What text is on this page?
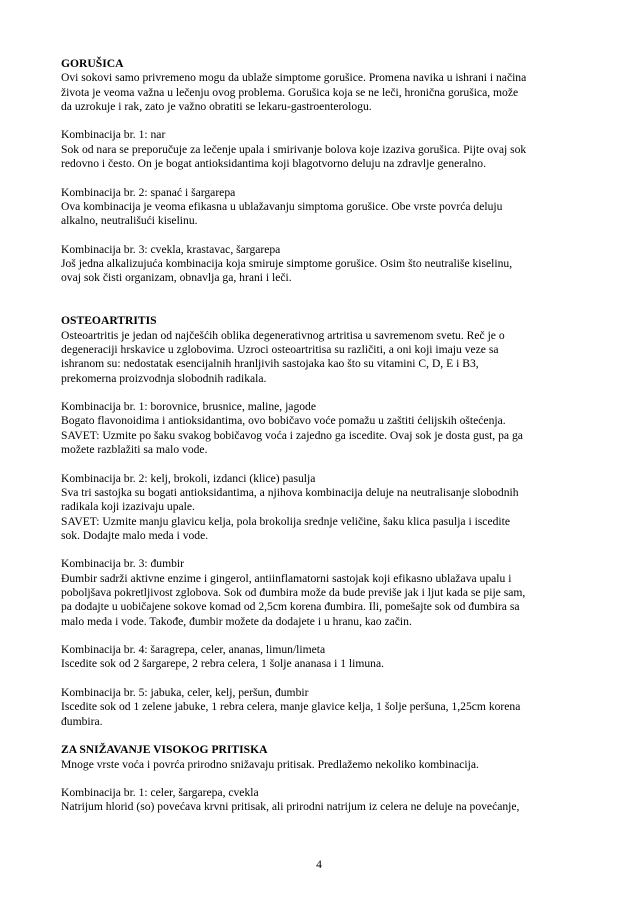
GORUŠICA
Ovi sokovi samo privremeno mogu da ublaže simptome gorušice. Promena navika u ishrani i načina
života je veoma važna u lečenju ovog problema. Gorušica koja se ne leči, hronična gorušica, može
da uzrokuje i rak, zato je važno obratiti se lekaru-gastroenterologu.
Kombinacija br. 1: nar
Sok od nara se preporučuje za lečenje upala i smirivanje bolova koje izaziva gorušica. Pijte ovaj sok
redovno i često. On je bogat antioksidantima koji blagotvorno deluju na zdravlje generalno.
Kombinacija br. 2: spanać i šargarepa
Ova kombinacija je veoma efikasna u ublažavanju simptoma gorušice. Obe vrste povrća deluju
alkalno, neutrališući kiselinu.
Kombinacija br. 3: cvekla, krastavac, šargarepa
Još jedna alkalizujuća kombinacija koja smiruje simptome gorušice. Osim što neutrališe kiselinu,
ovaj sok čisti organizam, obnavlja ga, hrani i leči.
OSTEOARTRITIS
Osteoartritis je jedan od najčešćih oblika degenerativnog artritisa u savremenom svetu. Reč je o
degeneraciji hrskavice u zglobovima. Uzroci osteoartritisa su različiti, a oni koji imaju veze sa
ishranom su: nedostatak esencijalnih hranljivih sastojaka kao što su vitamini C, D, E i B3,
prekomerna proizvodnja slobodnih radikala.
Kombinacija br. 1: borovnice, brusnice, maline, jagode
Bogato flavonoidima i antioksidantima, ovo bobičavo voće pomažu u zaštiti ćelijskih oštećenja.
SAVET: Uzmite po šaku svakog bobičavog voća i zajedno ga iscedite. Ovaj sok je dosta gust, pa ga
možete razblažiti sa malo vode.
Kombinacija br. 2: kelj, brokoli, izdanci (klice) pasulja
Sva tri sastojka su bogati antioksidantima, a njihova kombinacija deluje na neutralisanje slobodnih
radikala koji izazivaju upale.
SAVET: Uzmite manju glavicu kelja, pola brokolija srednje veličine, šaku klica pasulja i iscedite
sok. Dodajte malo meda i vode.
Kombinacija br. 3: đumbir
Đumbir sadrži aktivne enzime i gingerol, antiinflamatorni sastojak koji efikasno ublažava upalu i
poboljšava pokretljivost zglobova. Sok od đumbira može da bude previše jak i ljut kada se pije sam,
pa dodajte u uobičajene sokove komad od 2,5cm korena đumbira. Ili, pomešajte sok od đumbira sa
malo meda i vode. Takođe, đumbir možete da dodajete i u hranu, kao začin.
Kombinacija br. 4: šaragrepa, celer, ananas, limun/limeta
Iscedite sok od 2 šargarepe, 2 rebra celera, 1 šolje ananasa i 1 limuna.
Kombinacija br. 5: jabuka, celer, kelj, peršun, đumbir
Iscedite sok od 1 zelene jabuke, 1 rebra celera, manje glavice kelja, 1 šolje peršuna, 1,25cm korena
đumbira.
ZA SNIŽAVANJE VISOKOG PRITISKA
Mnoge vrste voća i povrća prirodno snižavaju pritisak. Predlažemo nekoliko kombinacija.
Kombinacija br. 1: celer, šargarepa, cvekla
Natrijum hlorid (so) povećava krvni pritisak, ali prirodni natrijum iz celera ne deluje na povećanje,
4
